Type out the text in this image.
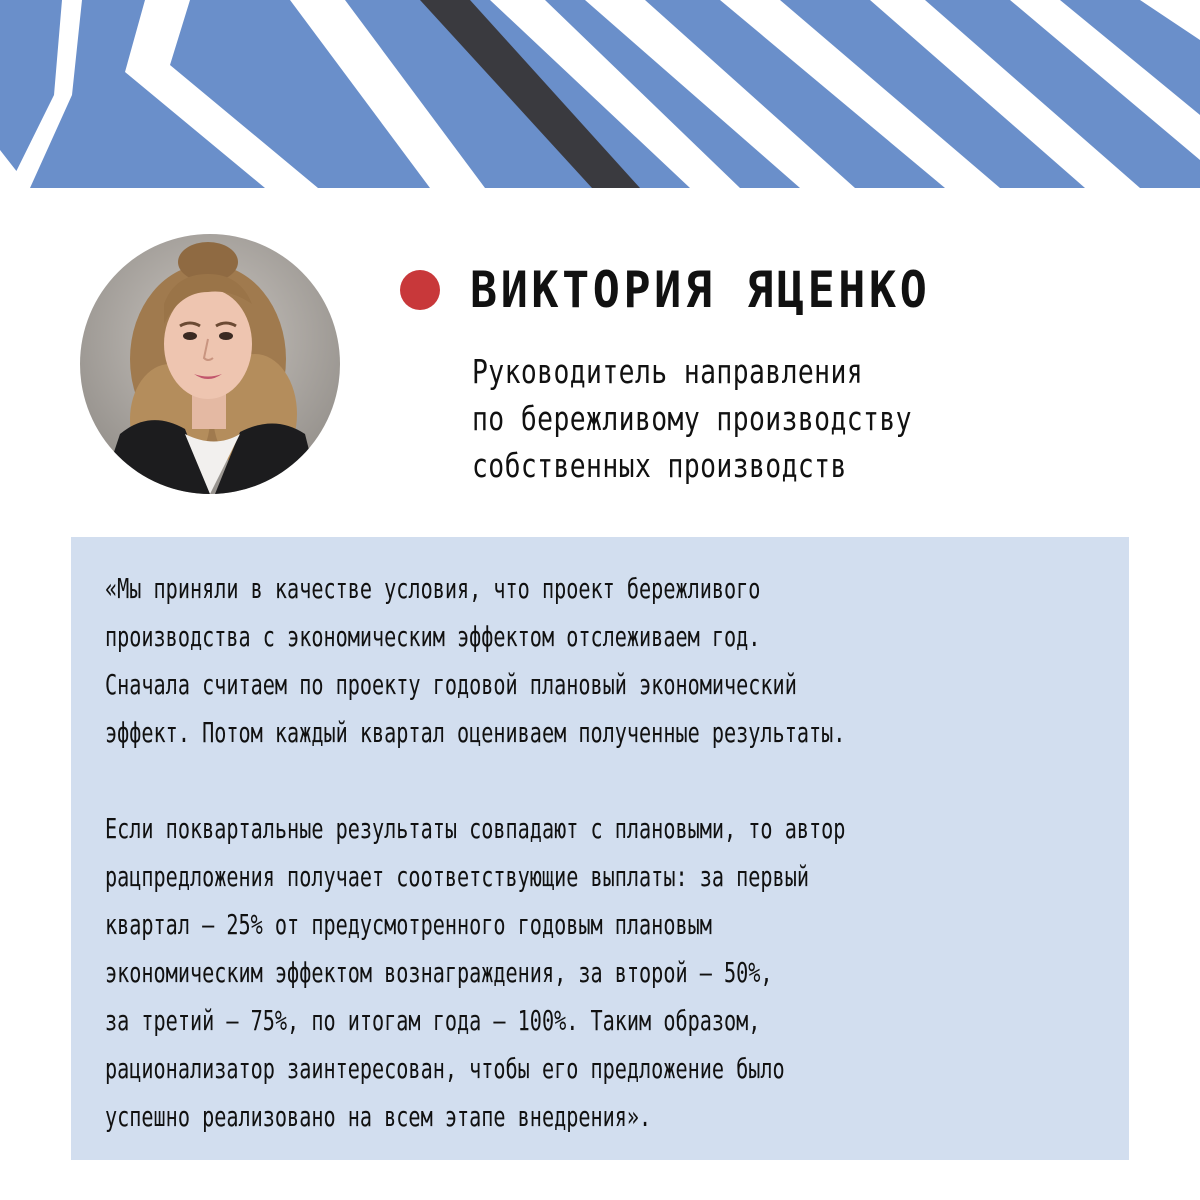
ВИКТОРИЯ ЯЦЕНКО
Руководитель направления
по бережливому производству
собственных производств
«Мы приняли в качестве условия, что проект бережливого
производства с экономическим эффектом отслеживаем год.
Сначала считаем по проекту годовой плановый экономический
эффект. Потом каждый квартал оцениваем полученные результаты.
Если поквартальные результаты совпадают с плановыми, то автор
рацпредложения получает соответствующие выплаты: за первый
квартал – 25% от предусмотренного годовым плановым
экономическим эффектом вознаграждения, за второй – 50%,
за третий – 75%, по итогам года – 100%. Таким образом,
рационализатор заинтересован, чтобы его предложение было
успешно реализовано на всем этапе внедрения».
